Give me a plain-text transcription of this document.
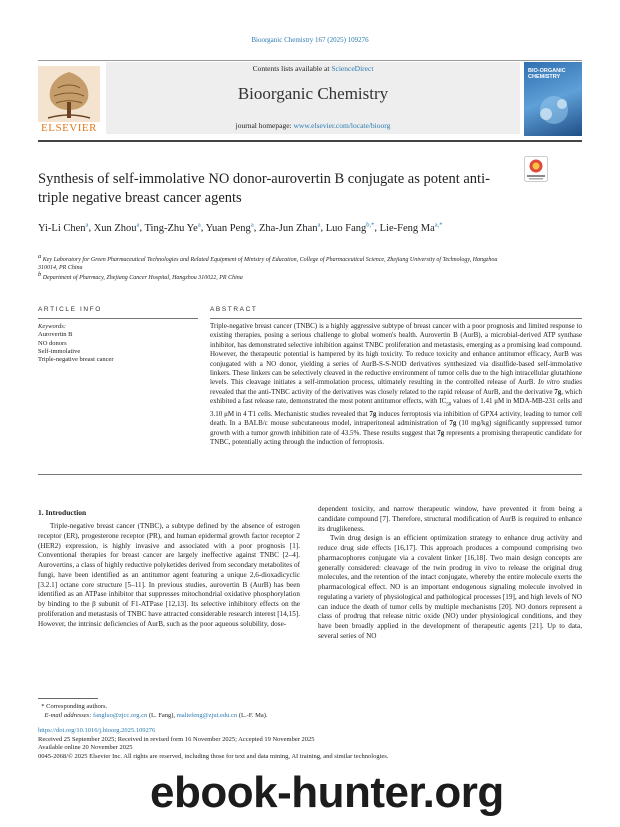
Bioorganic Chemistry 167 (2025) 109276
ELSEVIER
Contents lists available at ScienceDirect
Bioorganic Chemistry
journal homepage: www.elsevier.com/locate/bioorg
BIO-ORGANIC CHEMISTRY
Synthesis of self-immolative NO donor-aurovertin B conjugate as potent anti-triple negative breast cancer agents
Yi-Li Chen$^a$, Xun Zhou$^a$, Ting-Zhu Ye$^a$, Yuan Peng$^a$, Zha-Jun Zhan$^a$, Luo Fang$^{b,*}$, Lie-Feng $Ma^{a,*}$
$^a$ Key Laboratory for Green Pharmaceutical Technologies and Related Equipment of Ministry of Education, College of Pharmaceutical Science, Zhejiang University of Technology, Hangzhou 310014, PR China
$^b$ Department of Pharmacy, Zhejiang Cancer Hospital, Hangzhou 310022, PR China
ARTICLE INFO	ABSTRACT
Keywords:
Aurovertin B
NO donors
Self-immolative
Triple-negative breast cancer
Triple-negative breast cancer (TNBC) is a highly aggressive subtype of breast cancer with a poor prognosis and limited response to existing therapies, posing a serious challenge to global women's health. Aurovertin B (AurB), a microbial-derived ATP synthase inhibitor, has demonstrated selective inhibition against TNBC proliferation and metastasis, emerging as a promising lead compound. However, the therapeutic potential is hampered by its high toxicity. To reduce toxicity and enhance antitumor efficacy, AurB was conjugated with a NO donor, yielding a series of AurB-S-S-NOD derivatives synthesized via disulfide-based self-immolative linkers. These linkers can be selectively cleaved in the reductive environment of tumor cells due to the high intracellular glutathione levels. This cleavage initiates a self-immolation process, ultimately resulting in the controlled release of AurB. In vitro studies revealed that the anti-TNBC activity of the derivatives was closely related to the rapid release of AurB, and the derivative 7g, which exhibited a fast release rate, demonstrated the most potent antitumor effects, with $IC_{50}$ values of 1.41 μM in MDA-MB-231 cells and 3.10 μM in 4 T1 cells. Mechanistic studies revealed that 7g induces ferroptosis via inhibition of GPX4 activity, leading to tumor cell death. In a BALB/c mouse subcutaneous model, intraperitoneal administration of 7g (10 mg/kg) significantly suppressed tumor growth with a tumor growth inhibition rate of 43.5%. These results suggest that 7g represents a promising therapeutic candidate for TNBC, potentially acting through the induction of ferroptosis.
1. Introduction

Triple-negative breast cancer (TNBC), a subtype defined by the absence of estrogen receptor (ER), progesterone receptor (PR), and human epidermal growth factor receptor 2 (HER2) expression, is highly invasive and associated with a poor prognosis [1]. Conventional therapies for breast cancer are largely ineffective against TNBC [2–4]. Aurovertins, a class of highly reductive polyketides derived from secondary metabolites of fungi, have been identified as an antitumor agent featuring a unique 2,6-dioxadicyclic [3.2.1] octane core structure [5–11]. In previous studies, aurovertin B (AurB) has been identified as an ATPase inhibitor that suppresses mitochondrial oxidative phosphorylation by binding to the β subunit of F1-ATPase [12,13]. Its selective inhibitory effects on the proliferation and metastasis of TNBC have attracted considerable research interest [14,15]. However, the intrinsic deficiencies of AurB, such as the poor aqueous solubility, dose-

dependent toxicity, and narrow therapeutic window, have prevented it from being a candidate compound [7]. Therefore, structural modification of AurB is required to enhance its druglikeness.

Twin drug design is an efficient optimization strategy to enhance drug activity and reduce drug side effects [16,17]. This approach produces a compound comprising two pharmacophores conjugate via a covalent linker [16,18]. Two main design concepts are generally considered: cleavage of the twin prodrug in vivo to release the original drug molecules, and the retention of the intact conjugate, whereby the entire molecule exerts the pharmacological effect. NO is an important endogenous signaling molecule involved in regulating a variety of physiological and pathological processes [19], and high levels of NO can induce the death of tumor cells by multiple mechanisms [20]. NO donors represent a class of prodrug that release nitric oxide (NO) under physiological conditions, and they have been broadly applied in the development of therapeutic agents [21]. Up to data, several series of NO

* Corresponding authors.
E-mail addresses: fangluo@zjcc.org.cn (L. Fang), maliefeng@zjut.edu.cn (L.-F. Ma).
https://doi.org/10.1016/j.bioorg.2025.109276
Received 25 September 2025; Received in revised form 16 November 2025; Accepted 19 November 2025
Available online 20 November 2025
0045-2068/© 2025 Elsevier Inc. All rights are reserved, including those for text and data mining, AI training, and similar technologies.
ebook-hunter.org
